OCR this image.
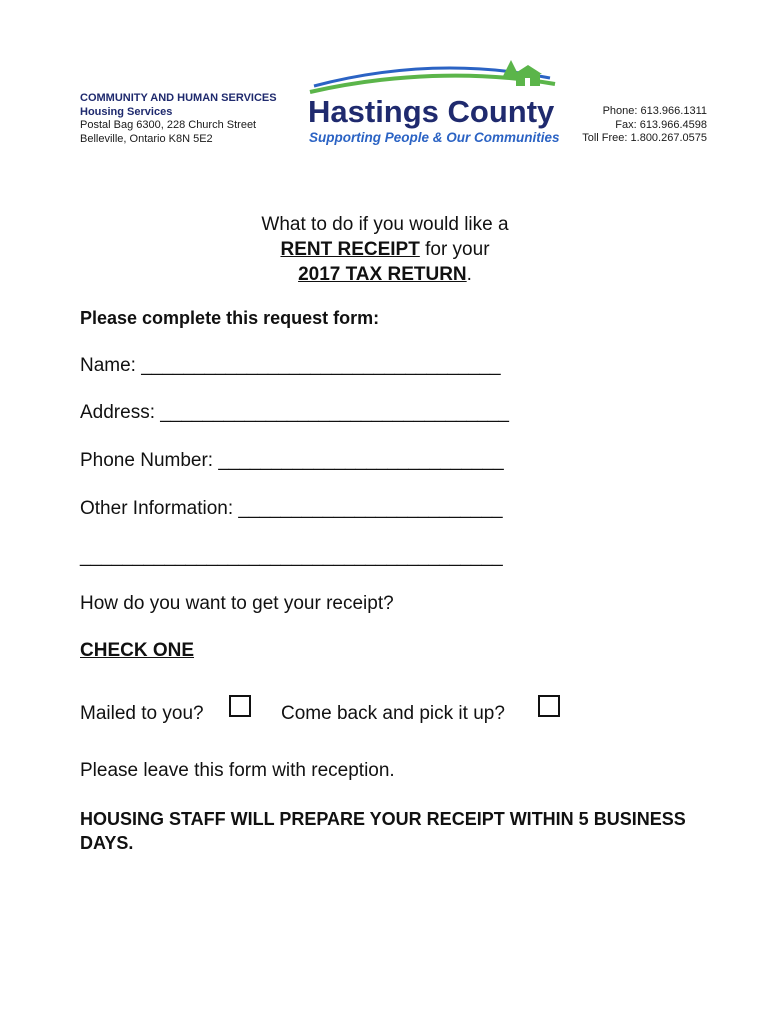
COMMUNITY AND HUMAN SERVICES
Housing Services
Postal Bag 6300, 228 Church Street
Belleville, Ontario K8N 5E2
Hastings County
Supporting People & Our Communities
Phone: 613.966.1311
Fax: 613.966.4598
Toll Free: 1.800.267.0575
What to do if you would like a
RENT RECEIPT for your
2017 TAX RETURN.
Please complete this request form:
Name: __________________________________
Address: _________________________________
Phone Number: ___________________________
Other Information: _________________________
________________________________________
How do you want to get your receipt?
CHECK ONE
Mailed to you?	Come back and pick it up?
Please leave this form with reception.
HOUSING STAFF WILL PREPARE YOUR RECEIPT WITHIN 5 BUSINESS DAYS.
